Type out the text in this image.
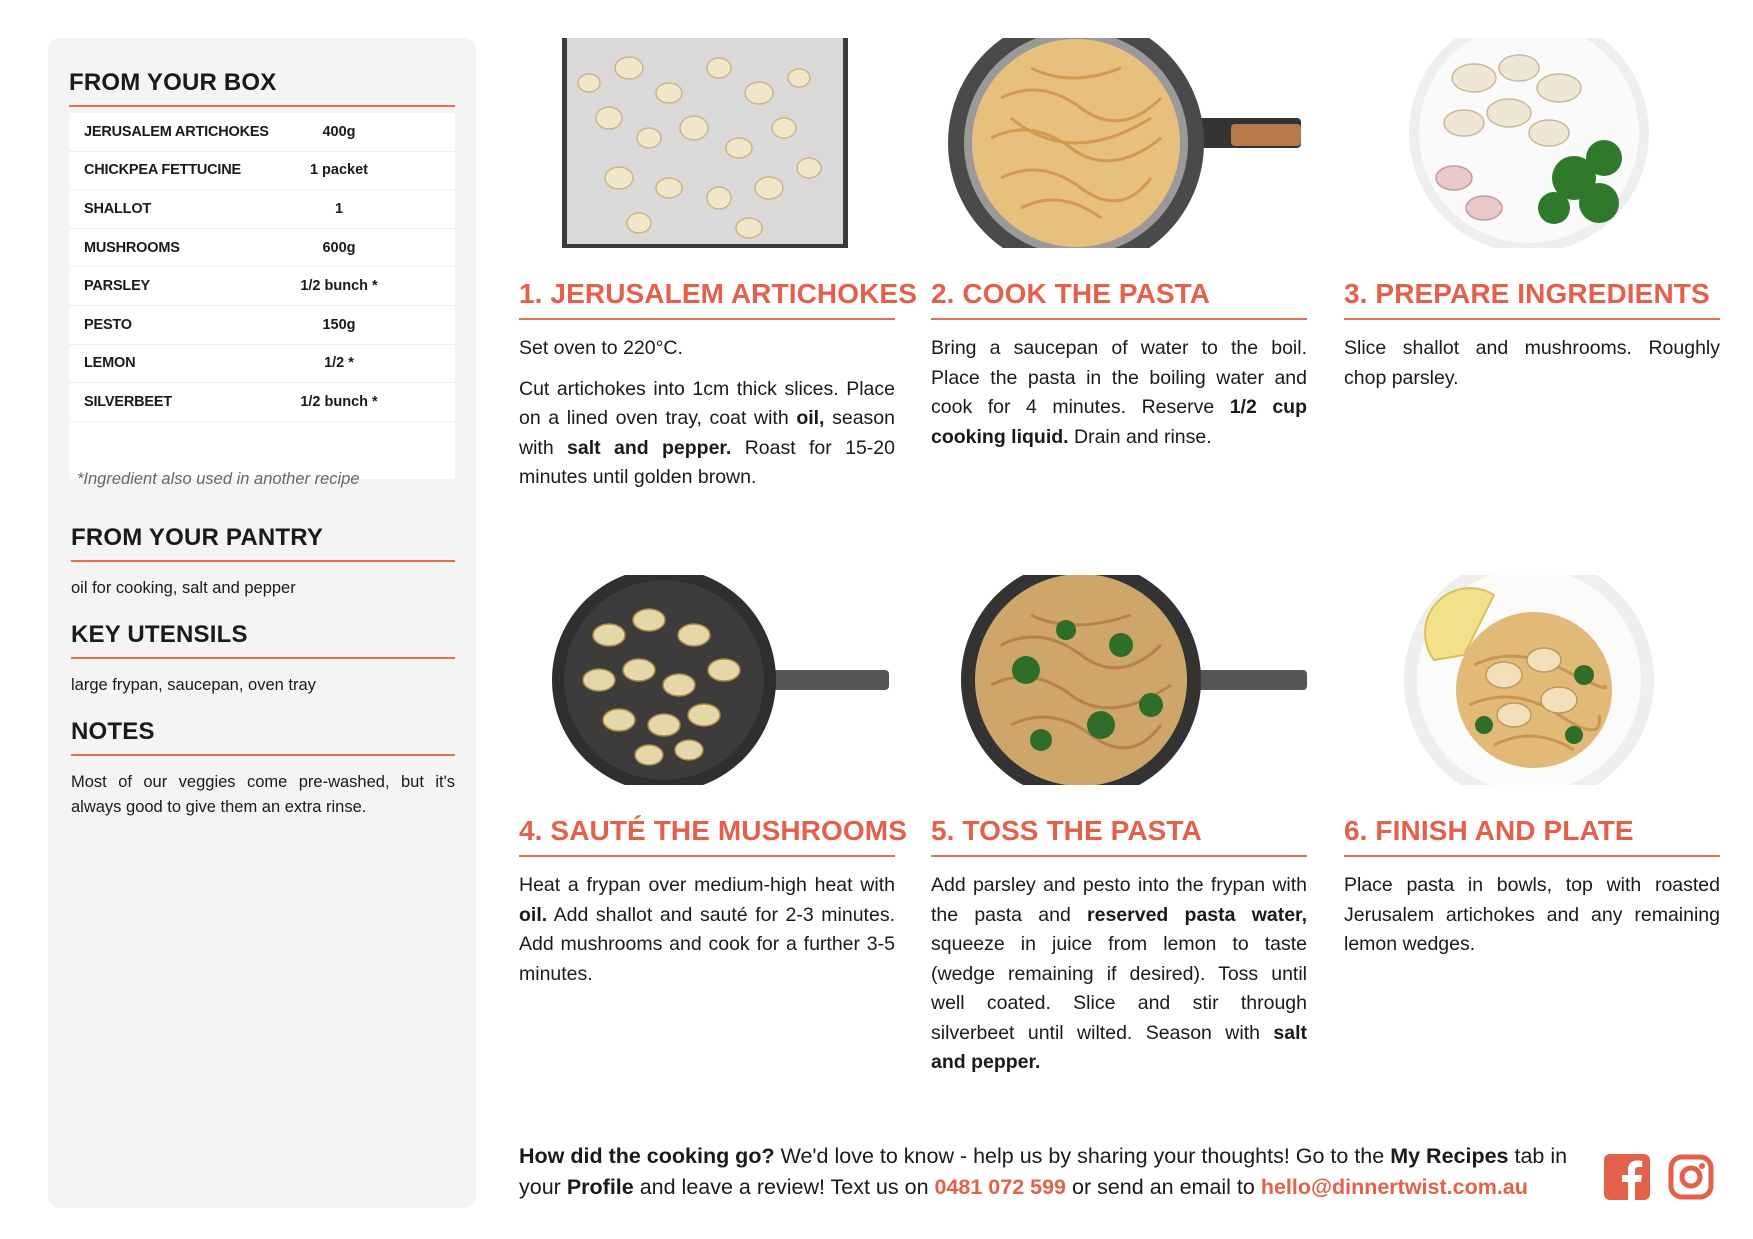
FROM YOUR BOX
JERUSALEM ARTICHOKES	400g
CHICKPEA FETTUCINE	1 packet
SHALLOT	1
MUSHROOMS	600g
PARSLEY	1/2 bunch *
PESTO	150g
LEMON	1/2 *
SILVERBEET	1/2 bunch *
*Ingredient also used in another recipe
FROM YOUR PANTRY
oil for cooking, salt and pepper
KEY UTENSILS
large frypan, saucepan, oven tray
NOTES
Most of our veggies come pre-washed, but it's always good to give them an extra rinse.
1. JERUSALEM ARTICHOKES

Set oven to 220°C.

Cut artichokes into 1cm thick slices. Place on a lined oven tray, coat with oil, season with salt and pepper. Roast for 15-20 minutes until golden brown.

2. COOK THE PASTA

Bring a saucepan of water to the boil. Place the pasta in the boiling water and cook for 4 minutes. Reserve 1/2 cup cooking liquid. Drain and rinse.

3. PREPARE INGREDIENTS

Slice shallot and mushrooms. Roughly chop parsley.

4. SAUTÉ THE MUSHROOMS

Heat a frypan over medium-high heat with oil. Add shallot and sauté for 2-3 minutes. Add mushrooms and cook for a further 3-5 minutes.

5. TOSS THE PASTA

Add parsley and pesto into the frypan with the pasta and reserved pasta water, squeeze in juice from lemon to taste (wedge remaining if desired). Toss until well coated. Slice and stir through silverbeet until wilted. Season with salt and pepper.

6. FINISH AND PLATE

Place pasta in bowls, top with roasted Jerusalem artichokes and any remaining lemon wedges.

How did the cooking go? We'd love to know - help us by sharing your thoughts! Go to the My Recipes tab in your Profile and leave a review! Text us on 0481 072 599 or send an email to hello@dinnertwist.com.au
